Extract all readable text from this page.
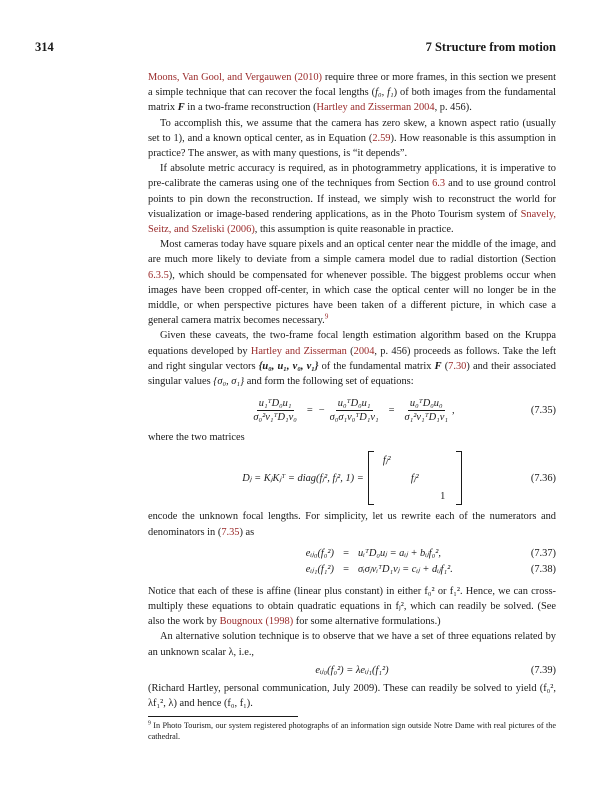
314	7 Structure from motion

Moons, Van Gool, and Vergauwen (2010) require three or more frames, in this section we present a simple technique that can recover the focal lengths (f₀, f₁) of both images from the fundamental matrix F in a two-frame reconstruction (Hartley and Zisserman 2004, p. 456).

To accomplish this, we assume that the camera has zero skew, a known aspect ratio (usually set to 1), and a known optical center, as in Equation (2.59). How reasonable is this assumption in practice? The answer, as with many questions, is “it depends”.

If absolute metric accuracy is required, as in photogrammetry applications, it is imperative to pre-calibrate the cameras using one of the techniques from Section 6.3 and to use ground control points to pin down the reconstruction. If instead, we simply wish to reconstruct the world for visualization or image-based rendering applications, as in the Photo Tourism system of Snavely, Seitz, and Szeliski (2006), this assumption is quite reasonable in practice.

Most cameras today have square pixels and an optical center near the middle of the image, and are much more likely to deviate from a simple camera model due to radial distortion (Section 6.3.5), which should be compensated for whenever possible. The biggest problems occur when images have been cropped off-center, in which case the optical center will no longer be in the middle, or when perspective pictures have been taken of a different picture, in which case a general camera matrix becomes necessary.$^9$

Given these caveats, the two-frame focal length estimation algorithm based on the Kruppa equations developed by Hartley and Zisserman (2004, p. 456) proceeds as follows. Take the left and right singular vectors {u₀, u₁, v₀, v₁} of the fundamental matrix F (7.30) and their associated singular values {σ₀, σ₁} and form the following set of equations:

$\frac{\text{u₁ᵀD₀u₁}}{\text{σ₀²v₁ᵀD₁v₀}}$ = − $\frac{\text{u₀ᵀD₀u₁}}{\text{σ₀σ₁v₀ᵀD₁v₁}} = \frac{\text{u₀ᵀD₀u₀}}{\text{σ₁²v₁ᵀD₁v₁}}$ ,	(7.35)

where the two matrices

Dⱼ = KⱼKⱼᵀ = diag(fⱼ², fⱼ², 1) =
fⱼ²
fⱼ²
1
(7.36)

encode the unknown focal lengths. For simplicity, let us rewrite each of the numerators and denominators in (7.35) as

eᵢⱼ₀(f₀²) = uᵢᵀD₀uⱼ = aᵢⱼ + bᵢⱼf₀²,
eᵢⱼ₁(f₁²) = σᵢσⱼvᵢᵀD₁vⱼ = cᵢⱼ + dᵢⱼf₁².
(7.37)
(7.38)

Notice that each of these is affine (linear plus constant) in either f₀² or f₁². Hence, we can cross-multiply these equations to obtain quadratic equations in fⱼ², which can readily be solved. (See also the work by Bougnoux (1998) for some alternative formulations.)

An alternative solution technique is to observe that we have a set of three equations related by an unknown scalar λ, i.e.,

eᵢⱼ₀(f₀²) = λeᵢⱼ₁(f₁²)	(7.39)

(Richard Hartley, personal communication, July 2009). These can readily be solved to yield (f₀², λf₁², λ) and hence (f₀, f₁).

$^9$ In Photo Tourism, our system registered photographs of an information sign outside Notre Dame with real pictures of the cathedral.
